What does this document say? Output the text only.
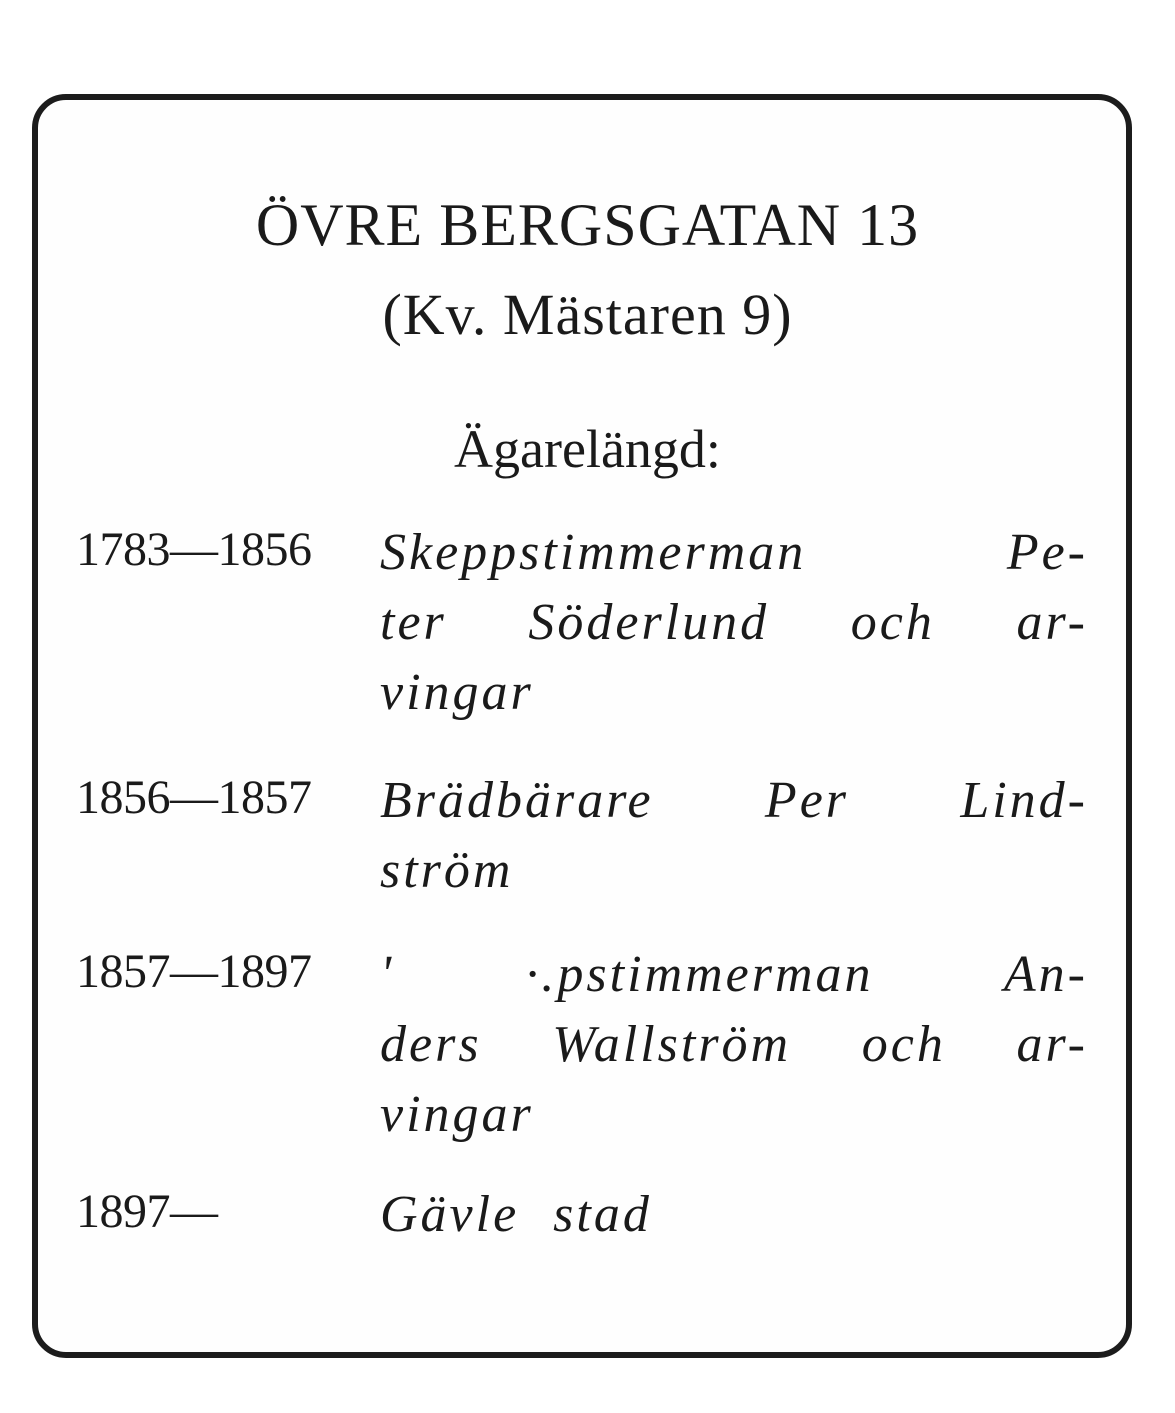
ÖVRE BERGSGATAN 13
(Kv. Mästaren 9)
Ägarelängd:
1783—1856 Skeppstimmerman Pe-
ter Söderlund och ar-
vingar
1856—1857 Brädbärare Per Lind-
ström
1857—1897 ' ·.pstimmerman An-
ders Wallström och ar-
vingar
1897—	Gävle stad
